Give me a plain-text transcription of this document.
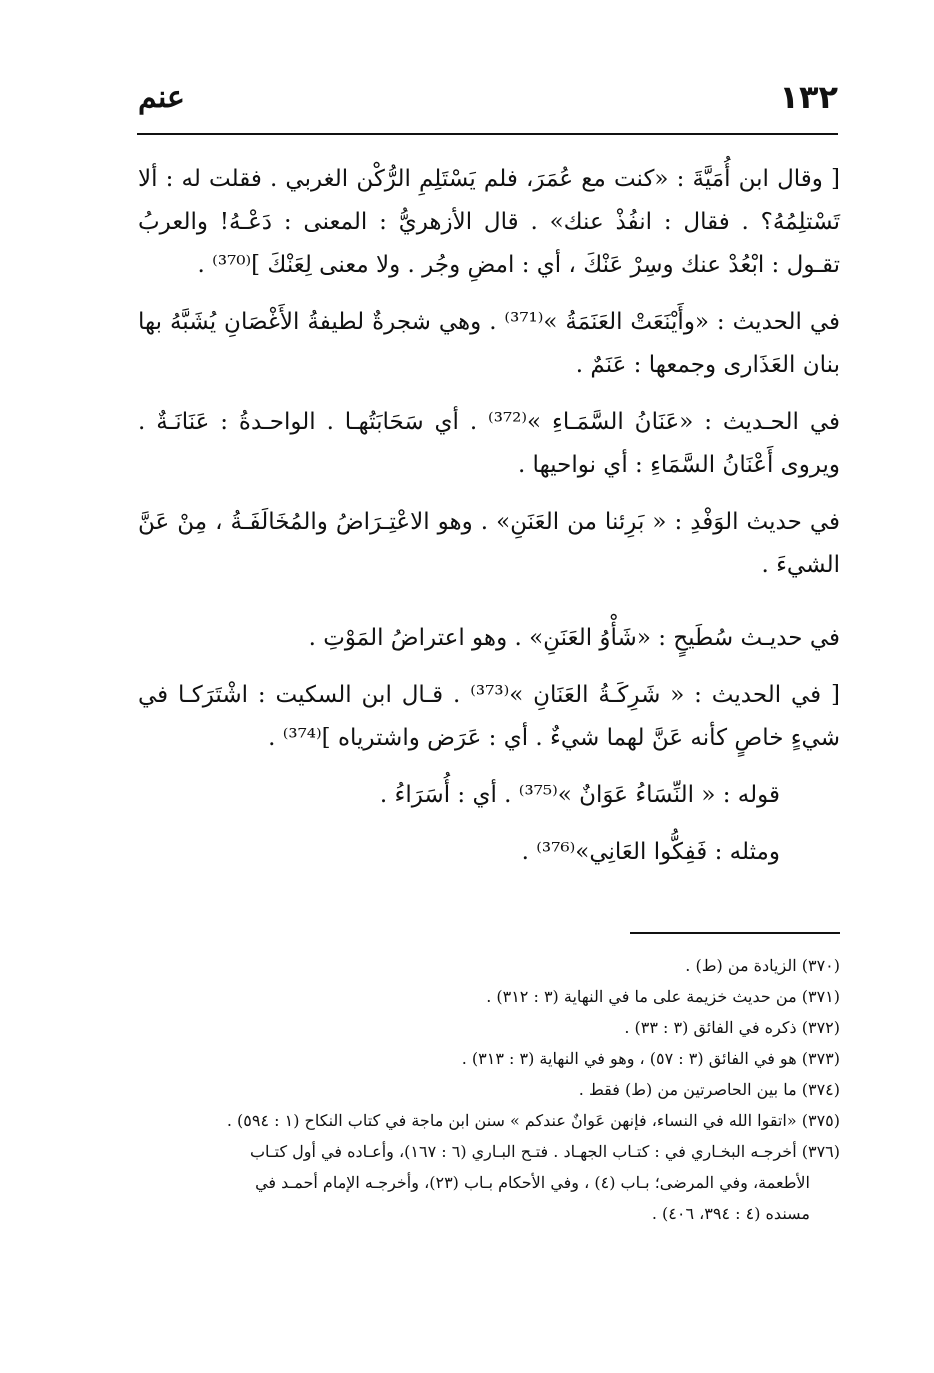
١٣٢
عنم

[ وقال ابن أُمَيَّةَ : «كنت مع عُمَرَ، فلم يَسْتَلِمِ الرُّكْن الغربي . فقلت له : ألا تَسْتلِمُهُ؟ . فقال : انفُذْ عنك» . قال الأزهريُّ : المعنى : دَعْـهُ! والعربُ تقـول : ابْعُدْ عنك وسِرْ عَنْكَ ، أي : امضِ وجُر . ولا معنى لِعَنْكَ ]⁽³⁷⁰⁾ .

في الحديث : «وأَيْنَعَتْ العَنَمَةُ »⁽³⁷¹⁾ . وهي شجرةٌ لطيفةُ الأَغْصَانِ يُشَبَّهُ بها بنان العَذَارى وجمعها : عَنَمٌ .

في الحـديث : «عَنَانُ السَّمَـاءِ »⁽³⁷²⁾ . أي سَحَابَتُهـا . الواحـدةُ : عَنَانَـةٌ . ويروى أَعْنَانُ السَّمَاءِ : أي نواحيها .

في حديث الوَفْدِ : « بَرِئنا من العَنَنِ» . وهو الاعْتِـرَاضُ والمُخَالَفَـةُ ، مِنْ عَنَّ الشيءَ .

في حديـث سُطَيحٍ : «شَأْوُ العَنَنِ» . وهو اعتراضُ المَوْتِ .

[ في الحديث : « شَرِكَـةُ العَنَانِ »⁽³⁷³⁾ . قـال ابن السكيت : اشْتَرَكـا في شيءٍ خاصٍ كأنه عَنَّ لهما شيءٌ . أي : عَرَض واشترياه ]⁽³⁷⁴⁾ .

قوله : « النِّسَاءُ عَوَانٌ »⁽³⁷⁵⁾ . أي : أُسَرَاءُ .

ومثله : فَفِكُّوا العَانِي»⁽³⁷⁶⁾ .

(٣٧٠) الزيادة من (ط) .

(٣٧١) من حديث خزيمة على ما في النهاية (٣ : ٣١٢) .

(٣٧٢) ذكره في الفائق (٣ : ٣٣) .

(٣٧٣) هو في الفائق (٣ : ٥٧) ، وهو في النهاية (٣ : ٣١٣) .

(٣٧٤) ما بين الحاصرتين من (ط) فقط .

(٣٧٥) «اتقوا الله في النساء، فإنهن عَوانٌ عندكم » سنن ابن ماجة في كتاب النكاح (١ : ٥٩٤) .

(٣٧٦) أخرجـه البخـاري في : كتـاب الجهـاد . فتـح البـاري (٦ : ١٦٧)، وأعـاده في أول كتـاب

الأطعمة، وفي المرضى؛ بـاب (٤) ، وفي الأحكام بـاب (٢٣)، وأخرجـه الإمام أحمـد في

مسنده (٤ : ٣٩٤، ٤٠٦) .
